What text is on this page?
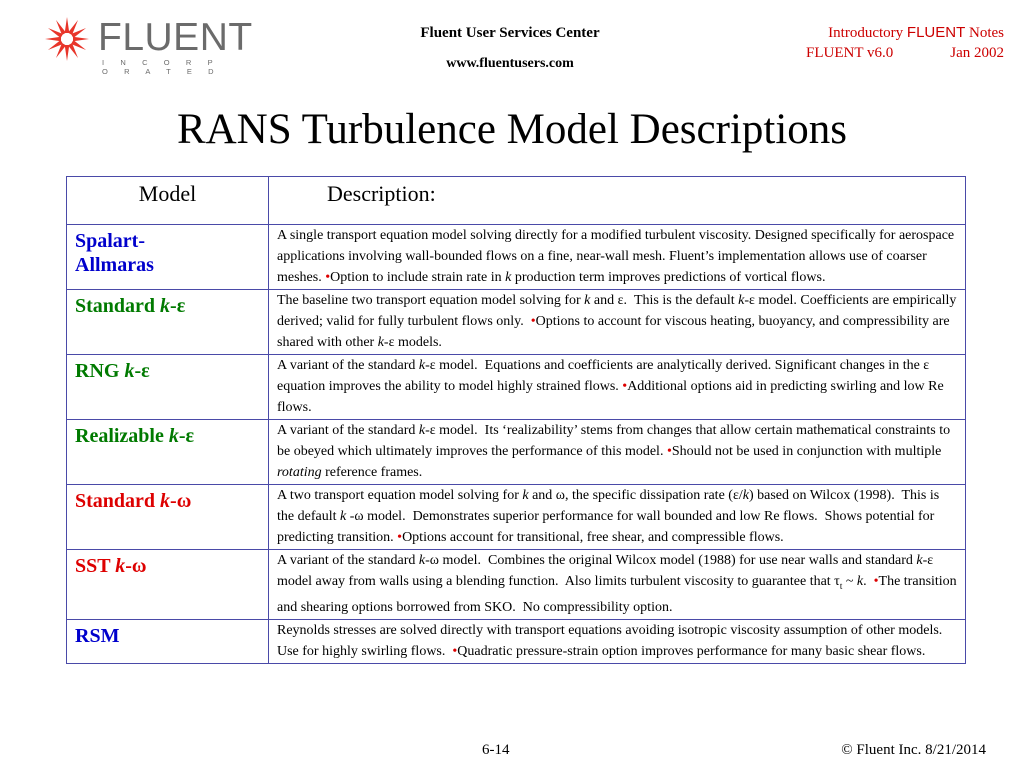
FLUENT
I N C O R P O R A T E D
Fluent User Services Center
www.fluentusers.com
Introductory FLUENT Notes
FLUENT v6.0	Jan 2002
RANS Turbulence Model Descriptions
Model	Description:
Spalart-
Allmaras	A single transport equation model solving directly for a modified turbulent viscosity. Designed specifically for aerospace applications involving wall-bounded flows on a fine, near-wall mesh. Fluent’s implementation allows use of coarser meshes. •Option to include strain rate in k production term improves predictions of vortical flows.
Standard k-ε	The baseline two transport equation model solving for k and ε.  This is the default k-ε model. Coefficients are empirically derived; valid for fully turbulent flows only.  •Options to account for viscous heating, buoyancy, and compressibility are shared with other k-ε models.
RNG k-ε	A variant of the standard k-ε model.  Equations and coefficients are analytically derived. Significant changes in the ε equation improves the ability to model highly strained flows. •Additional options aid in predicting swirling and low Re flows.
Realizable k-ε	A variant of the standard k-ε model.  Its ‘realizability’ stems from changes that allow certain mathematical constraints to be obeyed which ultimately improves the performance of this model. •Should not be used in conjunction with multiple rotating reference frames.
Standard k-ω	A two transport equation model solving for k and ω, the specific dissipation rate (ε/k) based on Wilcox (1998).  This is the default k -ω model.  Demonstrates superior performance for wall bounded and low Re flows.  Shows potential for predicting transition. •Options account for transitional, free shear, and compressible flows.
SST k-ω	A variant of the standard k-ω model.  Combines the original Wilcox model (1988) for use near walls and standard k-ε model away from walls using a blending function.  Also limits turbulent viscosity to guarantee that $\tau_t$ ~ k.  •The transition and shearing options borrowed from SKO.  No compressibility option.
RSM	Reynolds stresses are solved directly with transport equations avoiding isotropic viscosity assumption of other models.  Use for highly swirling flows.  •Quadratic pressure-strain option improves performance for many basic shear flows.
6-14	© Fluent Inc. 8/21/2014
